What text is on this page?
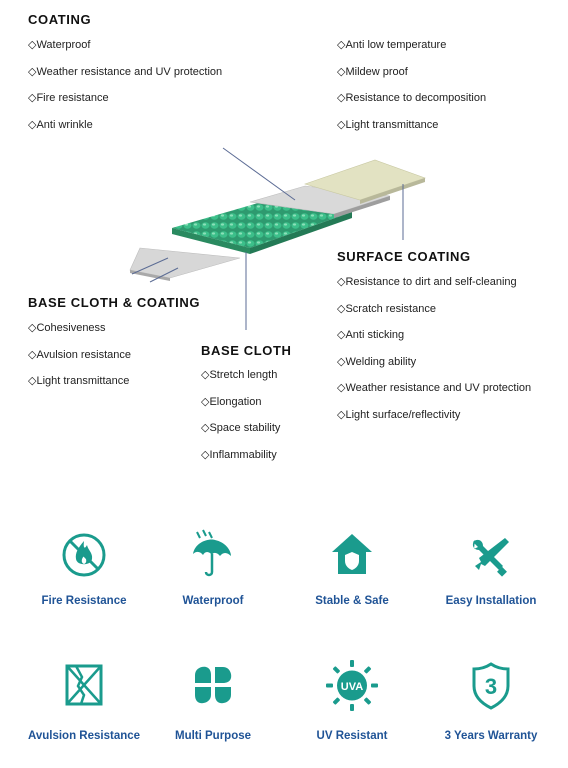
COATING
◇Waterproof
◇Weather resistance and UV protection
◇Fire resistance
◇Anti wrinkle
◇Anti low temperature
◇Mildew proof
◇Resistance to decomposition
◇Light transmittance
SURFACE COATING
◇Resistance to dirt and self-cleaning
◇Scratch resistance
◇Anti sticking
◇Welding ability
◇Weather resistance and UV protection
◇Light surface/reflectivity
BASE CLOTH & COATING
◇Cohesiveness
◇Avulsion resistance
◇Light transmittance
BASE CLOTH
◇Stretch length
◇Elongation
◇Space stability
◇Inflammability
Fire Resistance	Waterproof	Stable & Safe	Easy Installation
Avulsion Resistance	Multi Purpose
UVA
UV Resistant
3
3 Years Warranty
